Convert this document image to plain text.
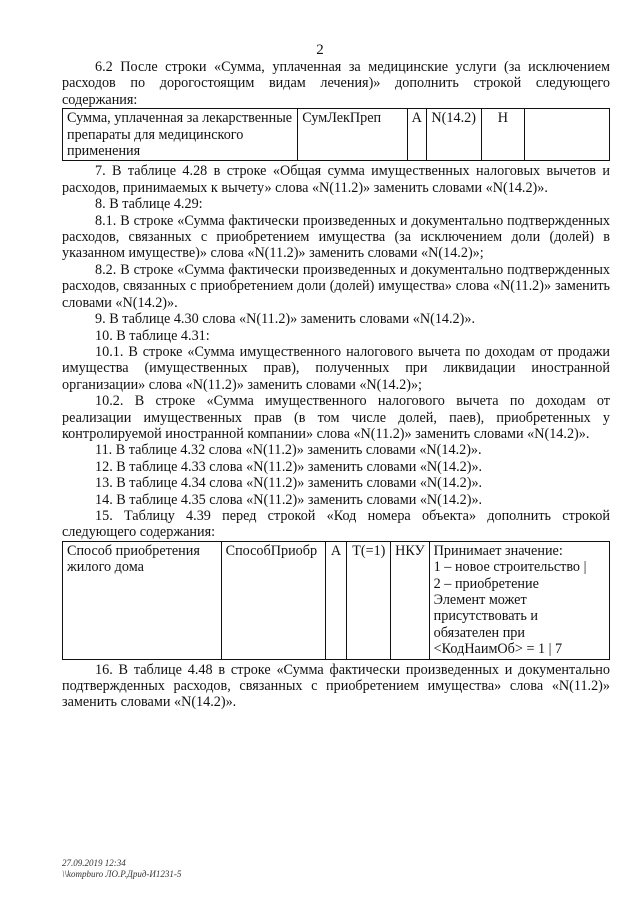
2

6.2 После строки «Сумма, уплаченная за медицинские услуги (за исключением расходов по дорогостоящим видам лечения)» дополнить строкой следующего содержания:

Сумма, уплаченная за лекарственные препараты для медицинского применения	СумЛекПреп	А	N(14.2)	Н	

7. В таблице 4.28 в строке «Общая сумма имущественных налоговых вычетов и расходов, принимаемых к вычету» слова «N(11.2)» заменить словами «N(14.2)».

8. В таблице 4.29:

8.1. В строке «Сумма фактически произведенных и документально подтвержденных расходов, связанных с приобретением имущества (за исключением доли (долей) в указанном имуществе)» слова «N(11.2)» заменить словами «N(14.2)»;

8.2. В строке «Сумма фактически произведенных и документально подтвержденных расходов, связанных с приобретением доли (долей) имущества» слова «N(11.2)» заменить словами «N(14.2)».

9. В таблице 4.30 слова «N(11.2)» заменить словами «N(14.2)».

10. В таблице 4.31:

10.1. В строке «Сумма имущественного налогового вычета по доходам от продажи имущества (имущественных прав), полученных при ликвидации иностранной организации» слова «N(11.2)» заменить словами «N(14.2)»;

10.2. В строке «Сумма имущественного налогового вычета по доходам от реализации имущественных прав (в том числе долей, паев), приобретенных у контролируемой иностранной компании» слова «N(11.2)» заменить словами «N(14.2)».

11. В таблице 4.32 слова «N(11.2)» заменить словами «N(14.2)».

12. В таблице 4.33 слова «N(11.2)» заменить словами «N(14.2)».

13. В таблице 4.34 слова «N(11.2)» заменить словами «N(14.2)».

14. В таблице 4.35 слова «N(11.2)» заменить словами «N(14.2)».

15. Таблицу 4.39 перед строкой «Код номера объекта» дополнить строкой следующего содержания:

Способ приобретения жилого дома	СпособПриобр	А	Т(=1)	НКУ	Принимает значение:
1 – новое строительство |
2 – приобретение
Элемент может присутствовать и обязателен при <КодНаимОб> = 1 | 7

16. В таблице 4.48 в строке «Сумма фактически произведенных и документально подтвержденных расходов, связанных с приобретением имущества» слова «N(11.2)» заменить словами «N(14.2)».

27.09.2019 12:34
\\kompburo ЛО.Р.Дрид-И1231-5
